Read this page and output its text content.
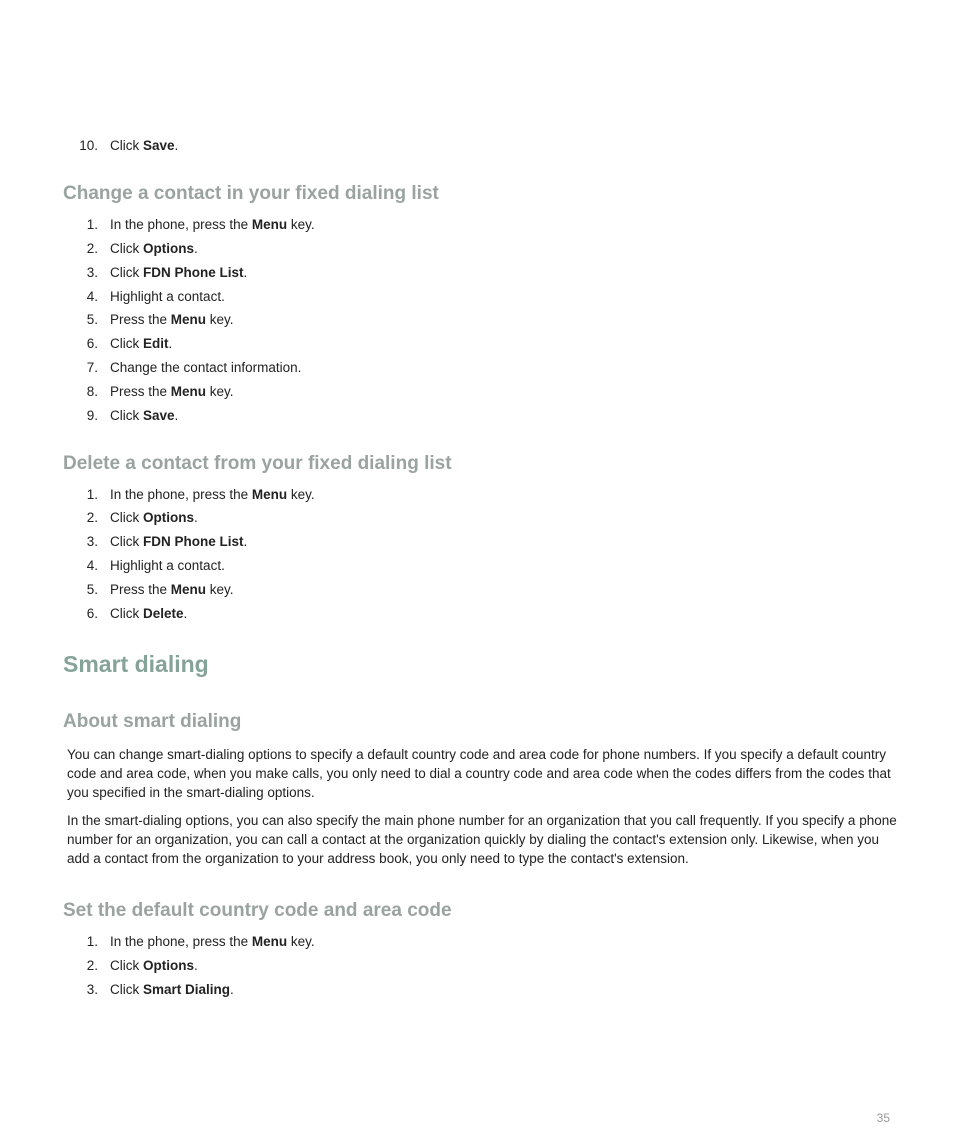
10. Click Save.
Change a contact in your fixed dialing list
1. In the phone, press the Menu key.
2. Click Options.
3. Click FDN Phone List.
4. Highlight a contact.
5. Press the Menu key.
6. Click Edit.
7. Change the contact information.
8. Press the Menu key.
9. Click Save.
Delete a contact from your fixed dialing list
1. In the phone, press the Menu key.
2. Click Options.
3. Click FDN Phone List.
4. Highlight a contact.
5. Press the Menu key.
6. Click Delete.
Smart dialing
About smart dialing
You can change smart-dialing options to specify a default country code and area code for phone numbers. If you specify a default country code and area code, when you make calls, you only need to dial a country code and area code when the codes differs from the codes that you specified in the smart-dialing options.
In the smart-dialing options, you can also specify the main phone number for an organization that you call frequently. If you specify a phone number for an organization, you can call a contact at the organization quickly by dialing the contact's extension only. Likewise, when you add a contact from the organization to your address book, you only need to type the contact's extension.
Set the default country code and area code
1. In the phone, press the Menu key.
2. Click Options.
3. Click Smart Dialing.
35
